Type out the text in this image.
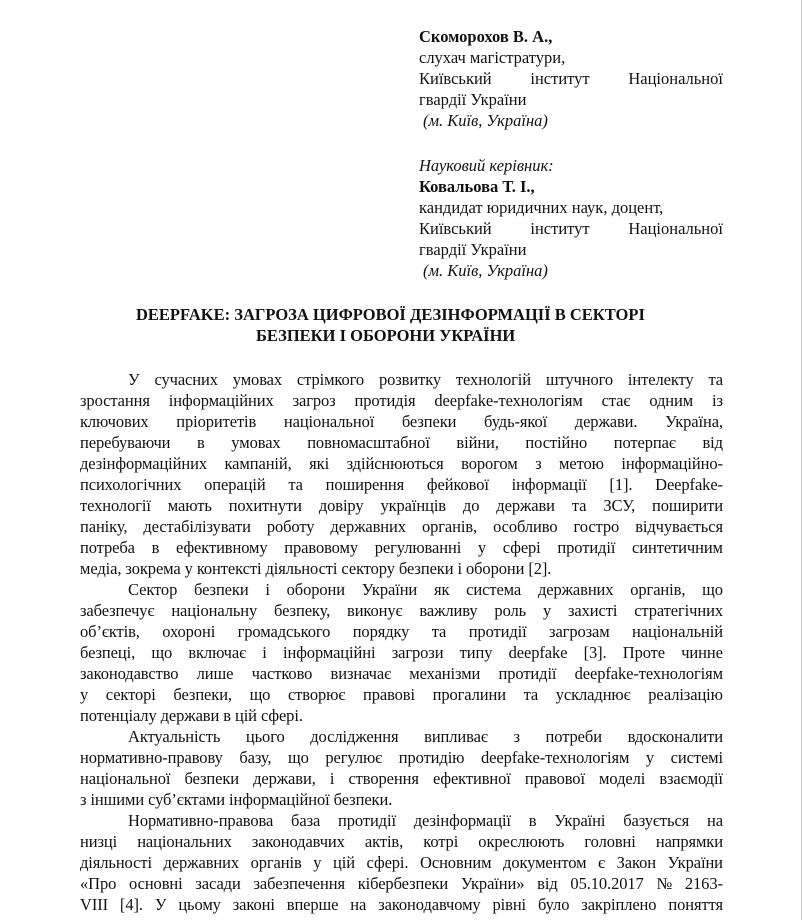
Скоморохов В. А.,
слухач магістратури,
Київський інститут Національної
гвардії України
(м. Київ, Україна)
Науковий керівник:
Ковальова Т. І.,
кандидат юридичних наук, доцент,
Київський інститут Національної
гвардії України
(м. Київ, Україна)
DEEPFAKE: ЗАГРОЗА ЦИФРОВОЇ ДЕЗІНФОРМАЦІЇ В СЕКТОРІ
БЕЗПЕКИ І ОБОРОНИ УКРАЇНИ
У сучасних умовах стрімкого розвитку технологій штучного інтелекту та
зростання інформаційних загроз протидія deepfake-технологіям стає одним із
ключових пріоритетів національної безпеки будь-якої держави. Україна,
перебуваючи в умовах повномасштабної війни, постійно потерпає від
дезінформаційних кампаній, які здійснюються ворогом з метою інформаційно-
психологічних операцій та поширення фейкової інформації [1]. Deepfake-
технології мають похитнути довіру українців до держави та ЗСУ, поширити
паніку, дестабілізувати роботу державних органів, особливо гостро відчувається
потреба в ефективному правовому регулюванні у сфері протидії синтетичним
медіа, зокрема у контексті діяльності сектору безпеки і оборони [2].
Сектор безпеки і оборони України як система державних органів, що
забезпечує національну безпеку, виконує важливу роль у захисті стратегічних
об’єктів, охороні громадського порядку та протидії загрозам національній
безпеці, що включає і інформаційні загрози типу deepfake [3]. Проте чинне
законодавство лише частково визначає механізми протидії deepfake-технологіям
у секторі безпеки, що створює правові прогалини та ускладнює реалізацію
потенціалу держави в цій сфері.
Актуальність цього дослідження випливає з потреби вдосконалити
нормативно-правову базу, що регулює протидію deepfake-технологіям у системі
національної безпеки держави, і створення ефективної правової моделі взаємодії
з іншими суб’єктами інформаційної безпеки.
Нормативно-правова база протидії дезінформації в Україні базується на
низці національних законодавчих актів, котрі окреслюють головні напрямки
діяльності державних органів у цій сфері. Основним документом є Закон України
«Про основні засади забезпечення кібербезпеки України» від 05.10.2017 № 2163-
VIII [4]. У цьому законі вперше на законодавчому рівні було закріплено поняття
